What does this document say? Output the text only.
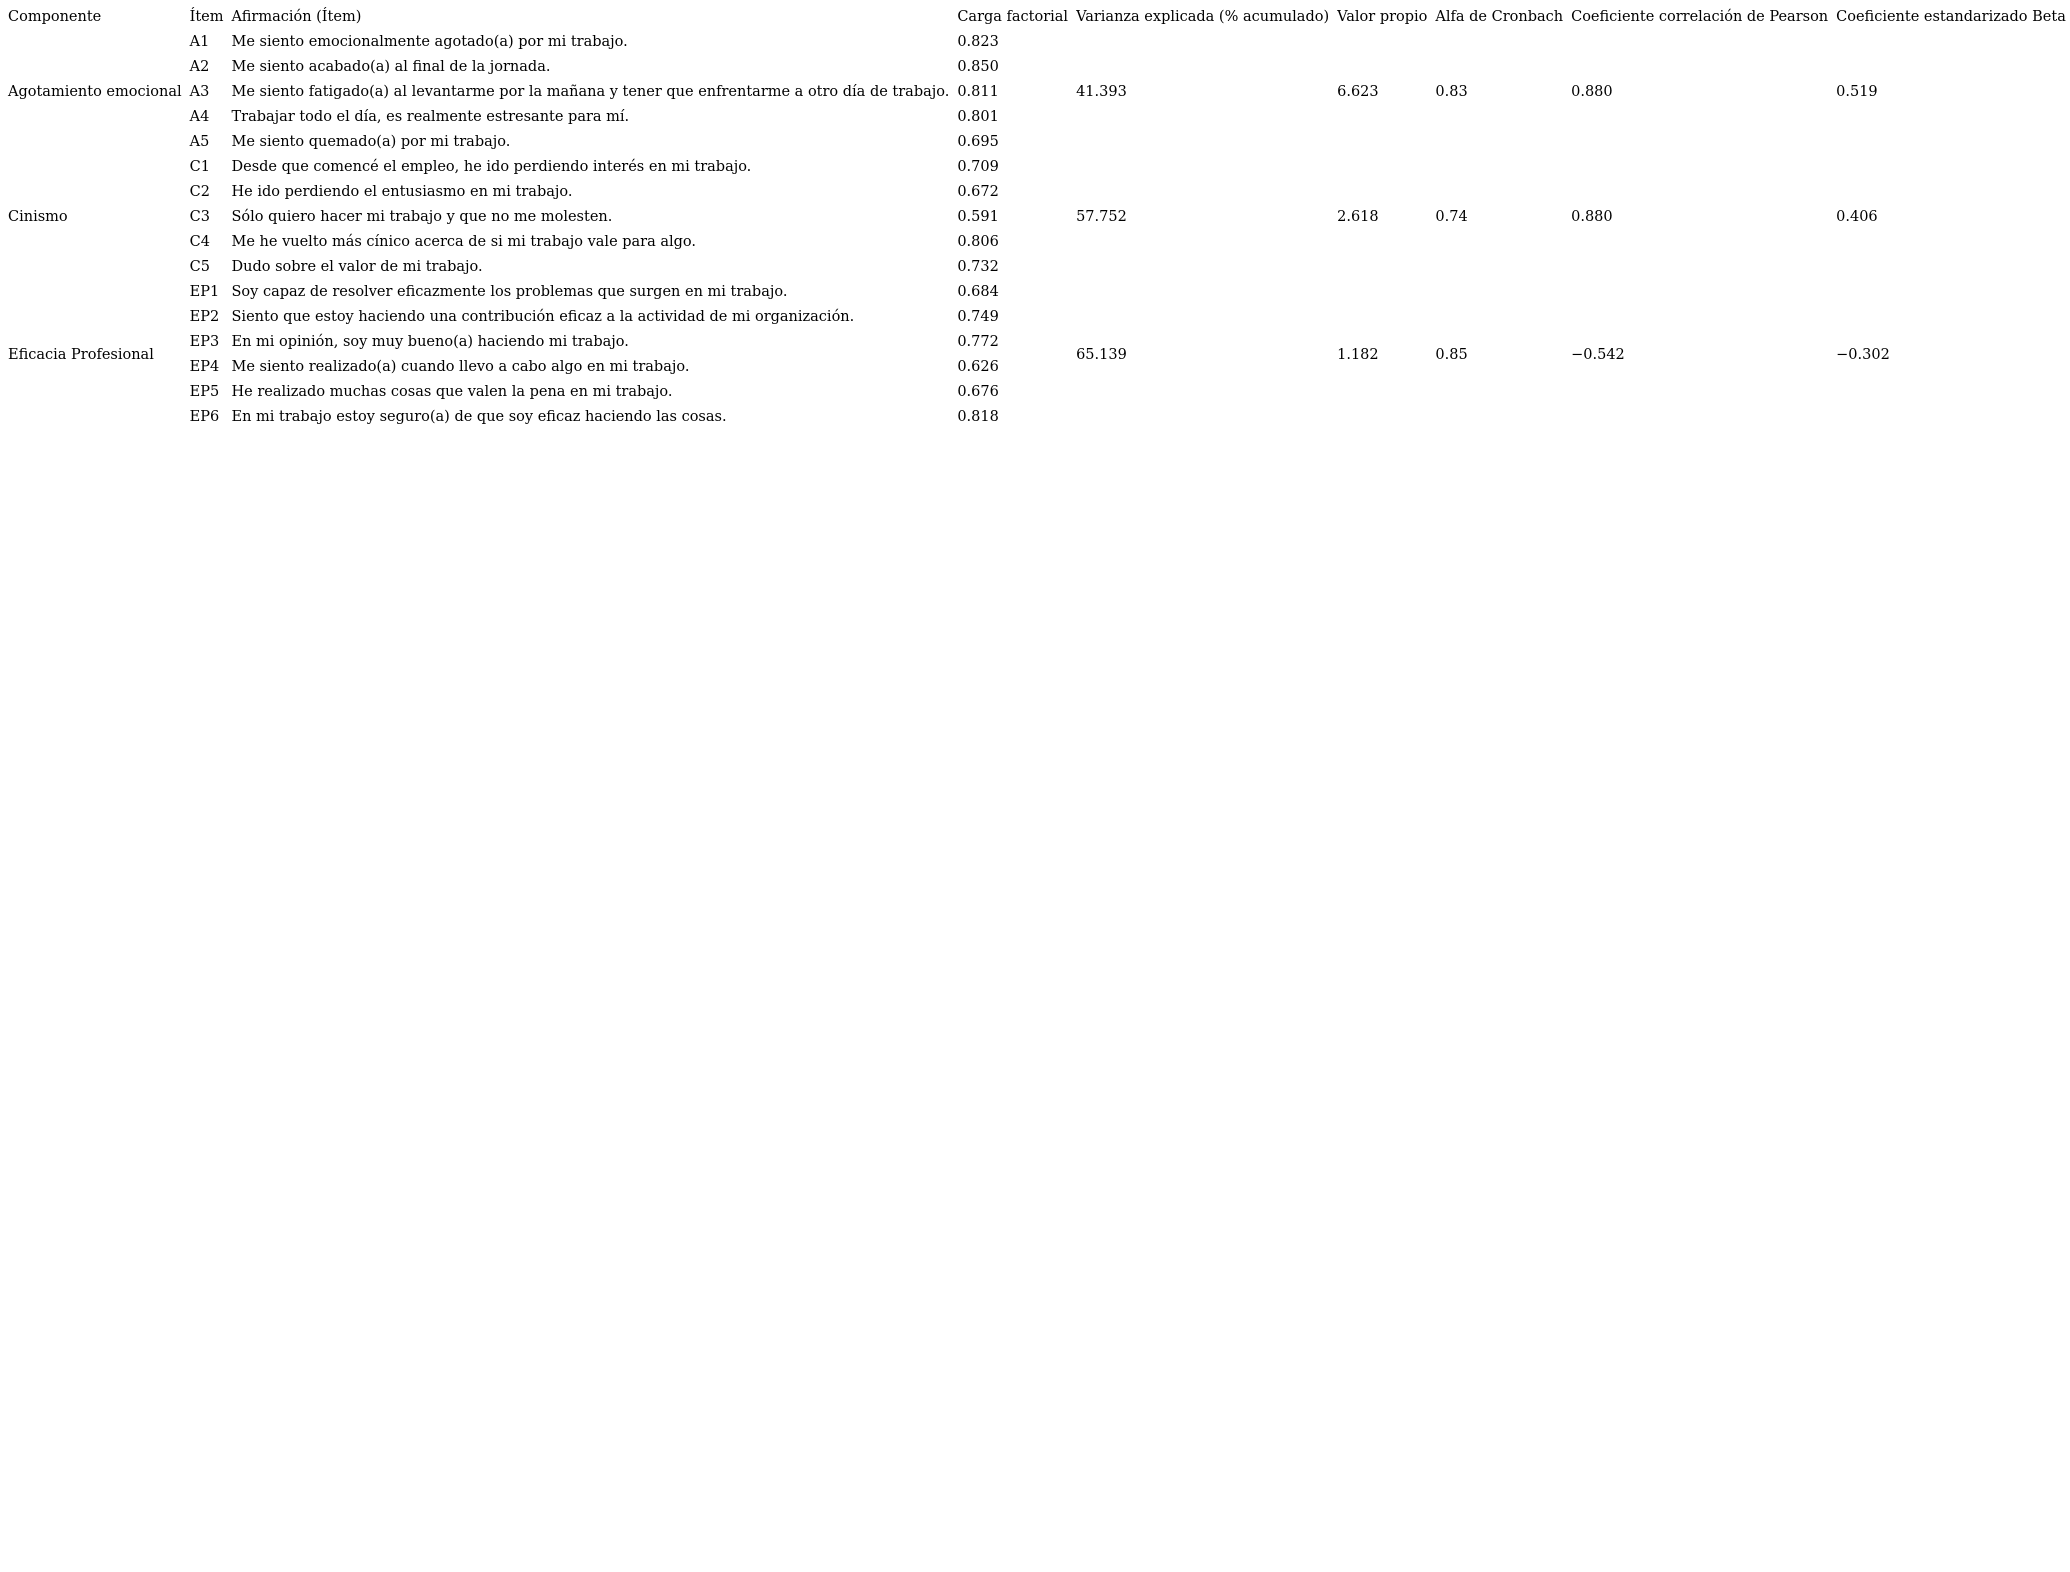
Componente	Ítem	Afirmación (Ítem)	Carga factorial	Varianza explicada (% acumulado)	Valor propio	Alfa de Cronbach	Coeficiente correlación de Pearson	Coeficiente estandarizado Beta
Agotamiento emocional	A1	Me siento emocionalmente agotado(a) por mi trabajo.	0.823	41.393	6.623	0.83	0.880	0.519
	A2	Me siento acabado(a) al final de la jornada.	0.850					
	A3	Me siento fatigado(a) al levantarme por la mañana y tener que enfrentarme a otro día de trabajo.	0.811					
	A4	Trabajar todo el día, es realmente estresante para mí.	0.801					
	A5	Me siento quemado(a) por mi trabajo.	0.695					
Cinismo	C1	Desde que comencé el empleo, he ido perdiendo interés en mi trabajo.	0.709	57.752	2.618	0.74	0.880	0.406
	C2	He ido perdiendo el entusiasmo en mi trabajo.	0.672					
	C3	Sólo quiero hacer mi trabajo y que no me molesten.	0.591					
	C4	Me he vuelto más cínico acerca de si mi trabajo vale para algo.	0.806					
	C5	Dudo sobre el valor de mi trabajo.	0.732					
Eficacia Profesional	EP1	Soy capaz de resolver eficazmente los problemas que surgen en mi trabajo.	0.684	65.139	1.182	0.85	−0.542	−0.302
	EP2	Siento que estoy haciendo una contribución eficaz a la actividad de mi organización.	0.749					
	EP3	En mi opinión, soy muy bueno(a) haciendo mi trabajo.	0.772					
	EP4	Me siento realizado(a) cuando llevo a cabo algo en mi trabajo.	0.626					
	EP5	He realizado muchas cosas que valen la pena en mi trabajo.	0.676					
	EP6	En mi trabajo estoy seguro(a) de que soy eficaz haciendo las cosas.	0.818					
